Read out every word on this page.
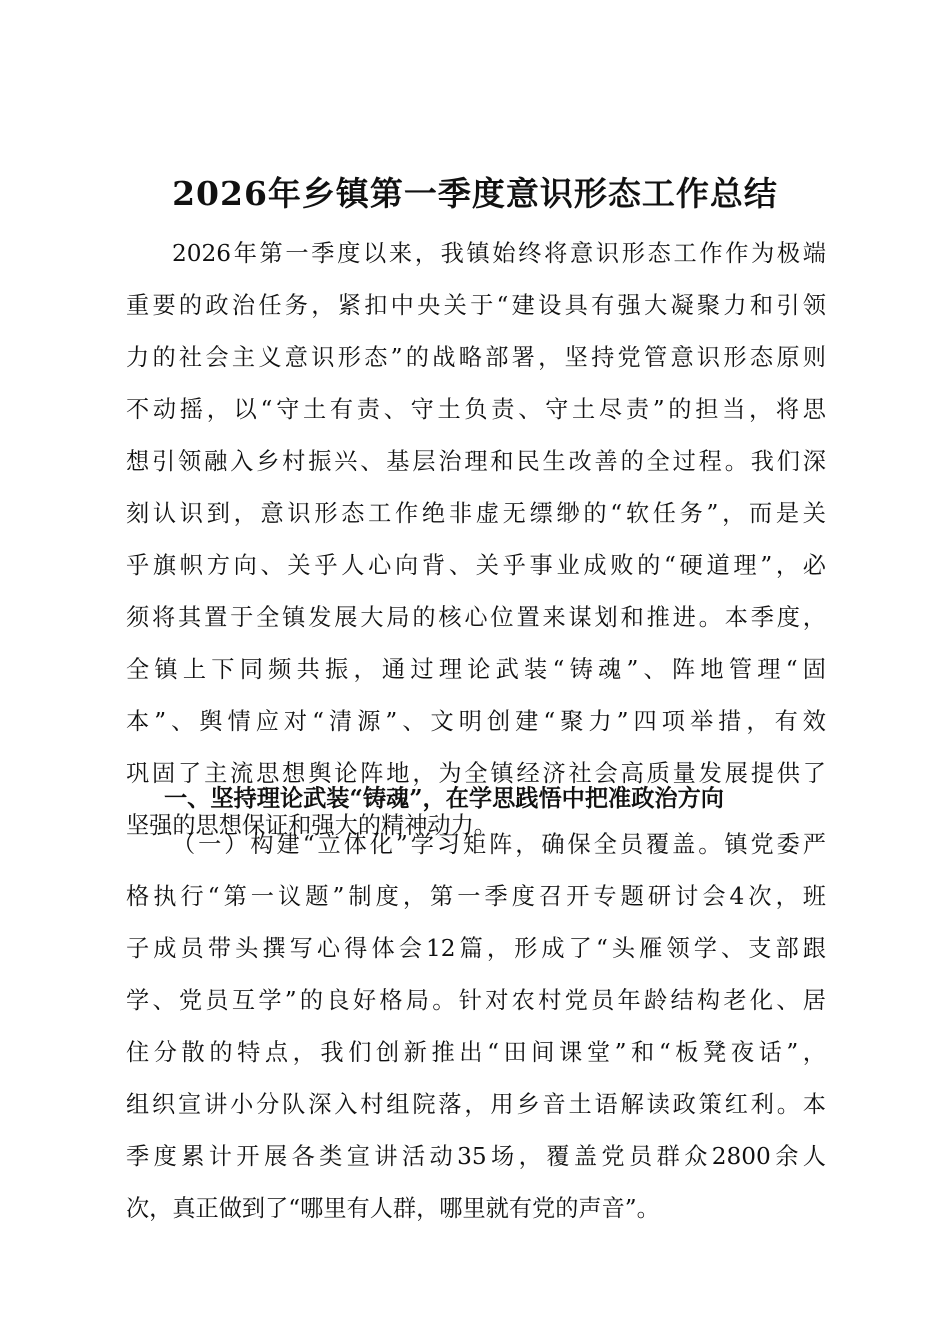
2026年乡镇第一季度意识形态工作总结
2026年第一季度以来，我镇始终将意识形态工作作为极端
重要的政治任务，紧扣中央关于“建设具有强大凝聚力和引领
力的社会主义意识形态”的战略部署，坚持党管意识形态原则
不动摇，以“守土有责、守土负责、守土尽责”的担当，将思
想引领融入乡村振兴、基层治理和民生改善的全过程。我们深
刻认识到，意识形态工作绝非虚无缥缈的“软任务”，而是关
乎旗帜方向、关乎人心向背、关乎事业成败的“硬道理”，必
须将其置于全镇发展大局的核心位置来谋划和推进。本季度，
全镇上下同频共振，通过理论武装“铸魂”、阵地管理“固
本”、舆情应对“清源”、文明创建“聚力”四项举措，有效
巩固了主流思想舆论阵地，为全镇经济社会高质量发展提供了
坚强的思想保证和强大的精神动力。
一、坚持理论武装“铸魂”，在学思践悟中把准政治方向
（一）构建“立体化”学习矩阵，确保全员覆盖。镇党委严
格执行“第一议题”制度，第一季度召开专题研讨会4次，班
子成员带头撰写心得体会12篇，形成了“头雁领学、支部跟
学、党员互学”的良好格局。针对农村党员年龄结构老化、居
住分散的特点，我们创新推出“田间课堂”和“板凳夜话”，
组织宣讲小分队深入村组院落，用乡音土语解读政策红利。本
季度累计开展各类宣讲活动35场，覆盖党员群众2800余人
次，真正做到了“哪里有人群，哪里就有党的声音”。
